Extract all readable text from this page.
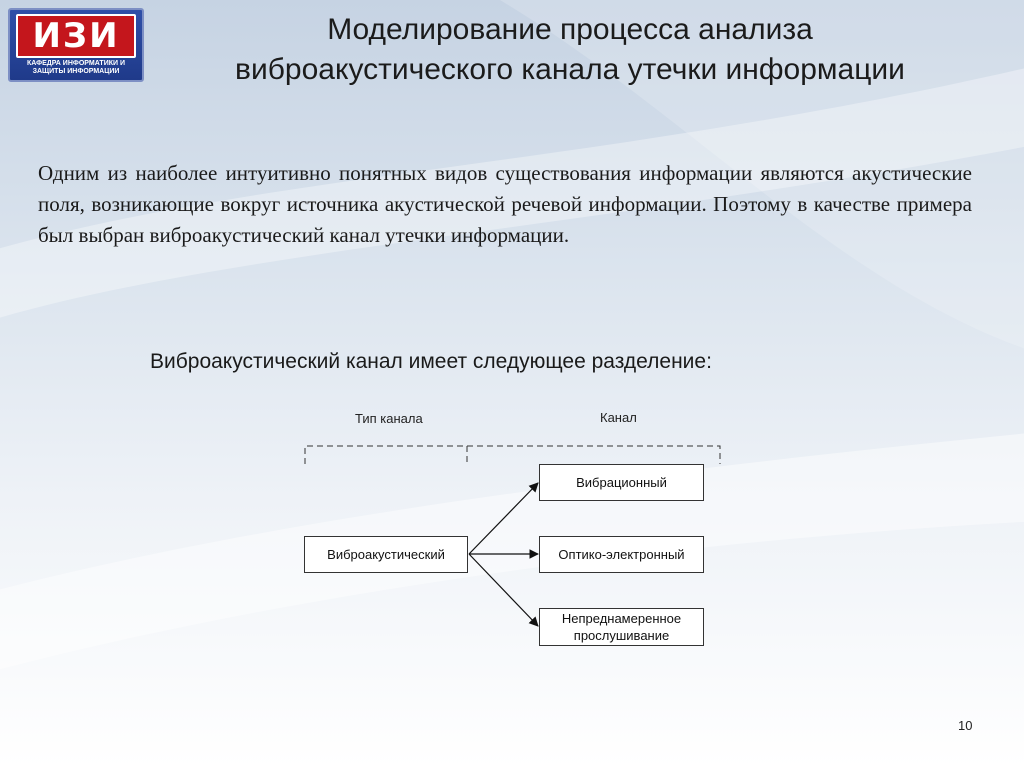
ИЗИ
КАФЕДРА ИНФОРМАТИКИ И ЗАЩИТЫ ИНФОРМАЦИИ
Моделирование процесса анализа
виброакустического канала утечки информации
Одним из наиболее интуитивно понятных видов существования информации являются акустические поля, возникающие вокруг источника акустической речевой информации. Поэтому в качестве примера был выбран виброакустический канал утечки информации.
Виброакустический канал имеет следующее разделение:
Тип канала	Канал
Виброакустический
Вибрационный
Оптико-электронный
Непреднамеренное прослушивание
10
